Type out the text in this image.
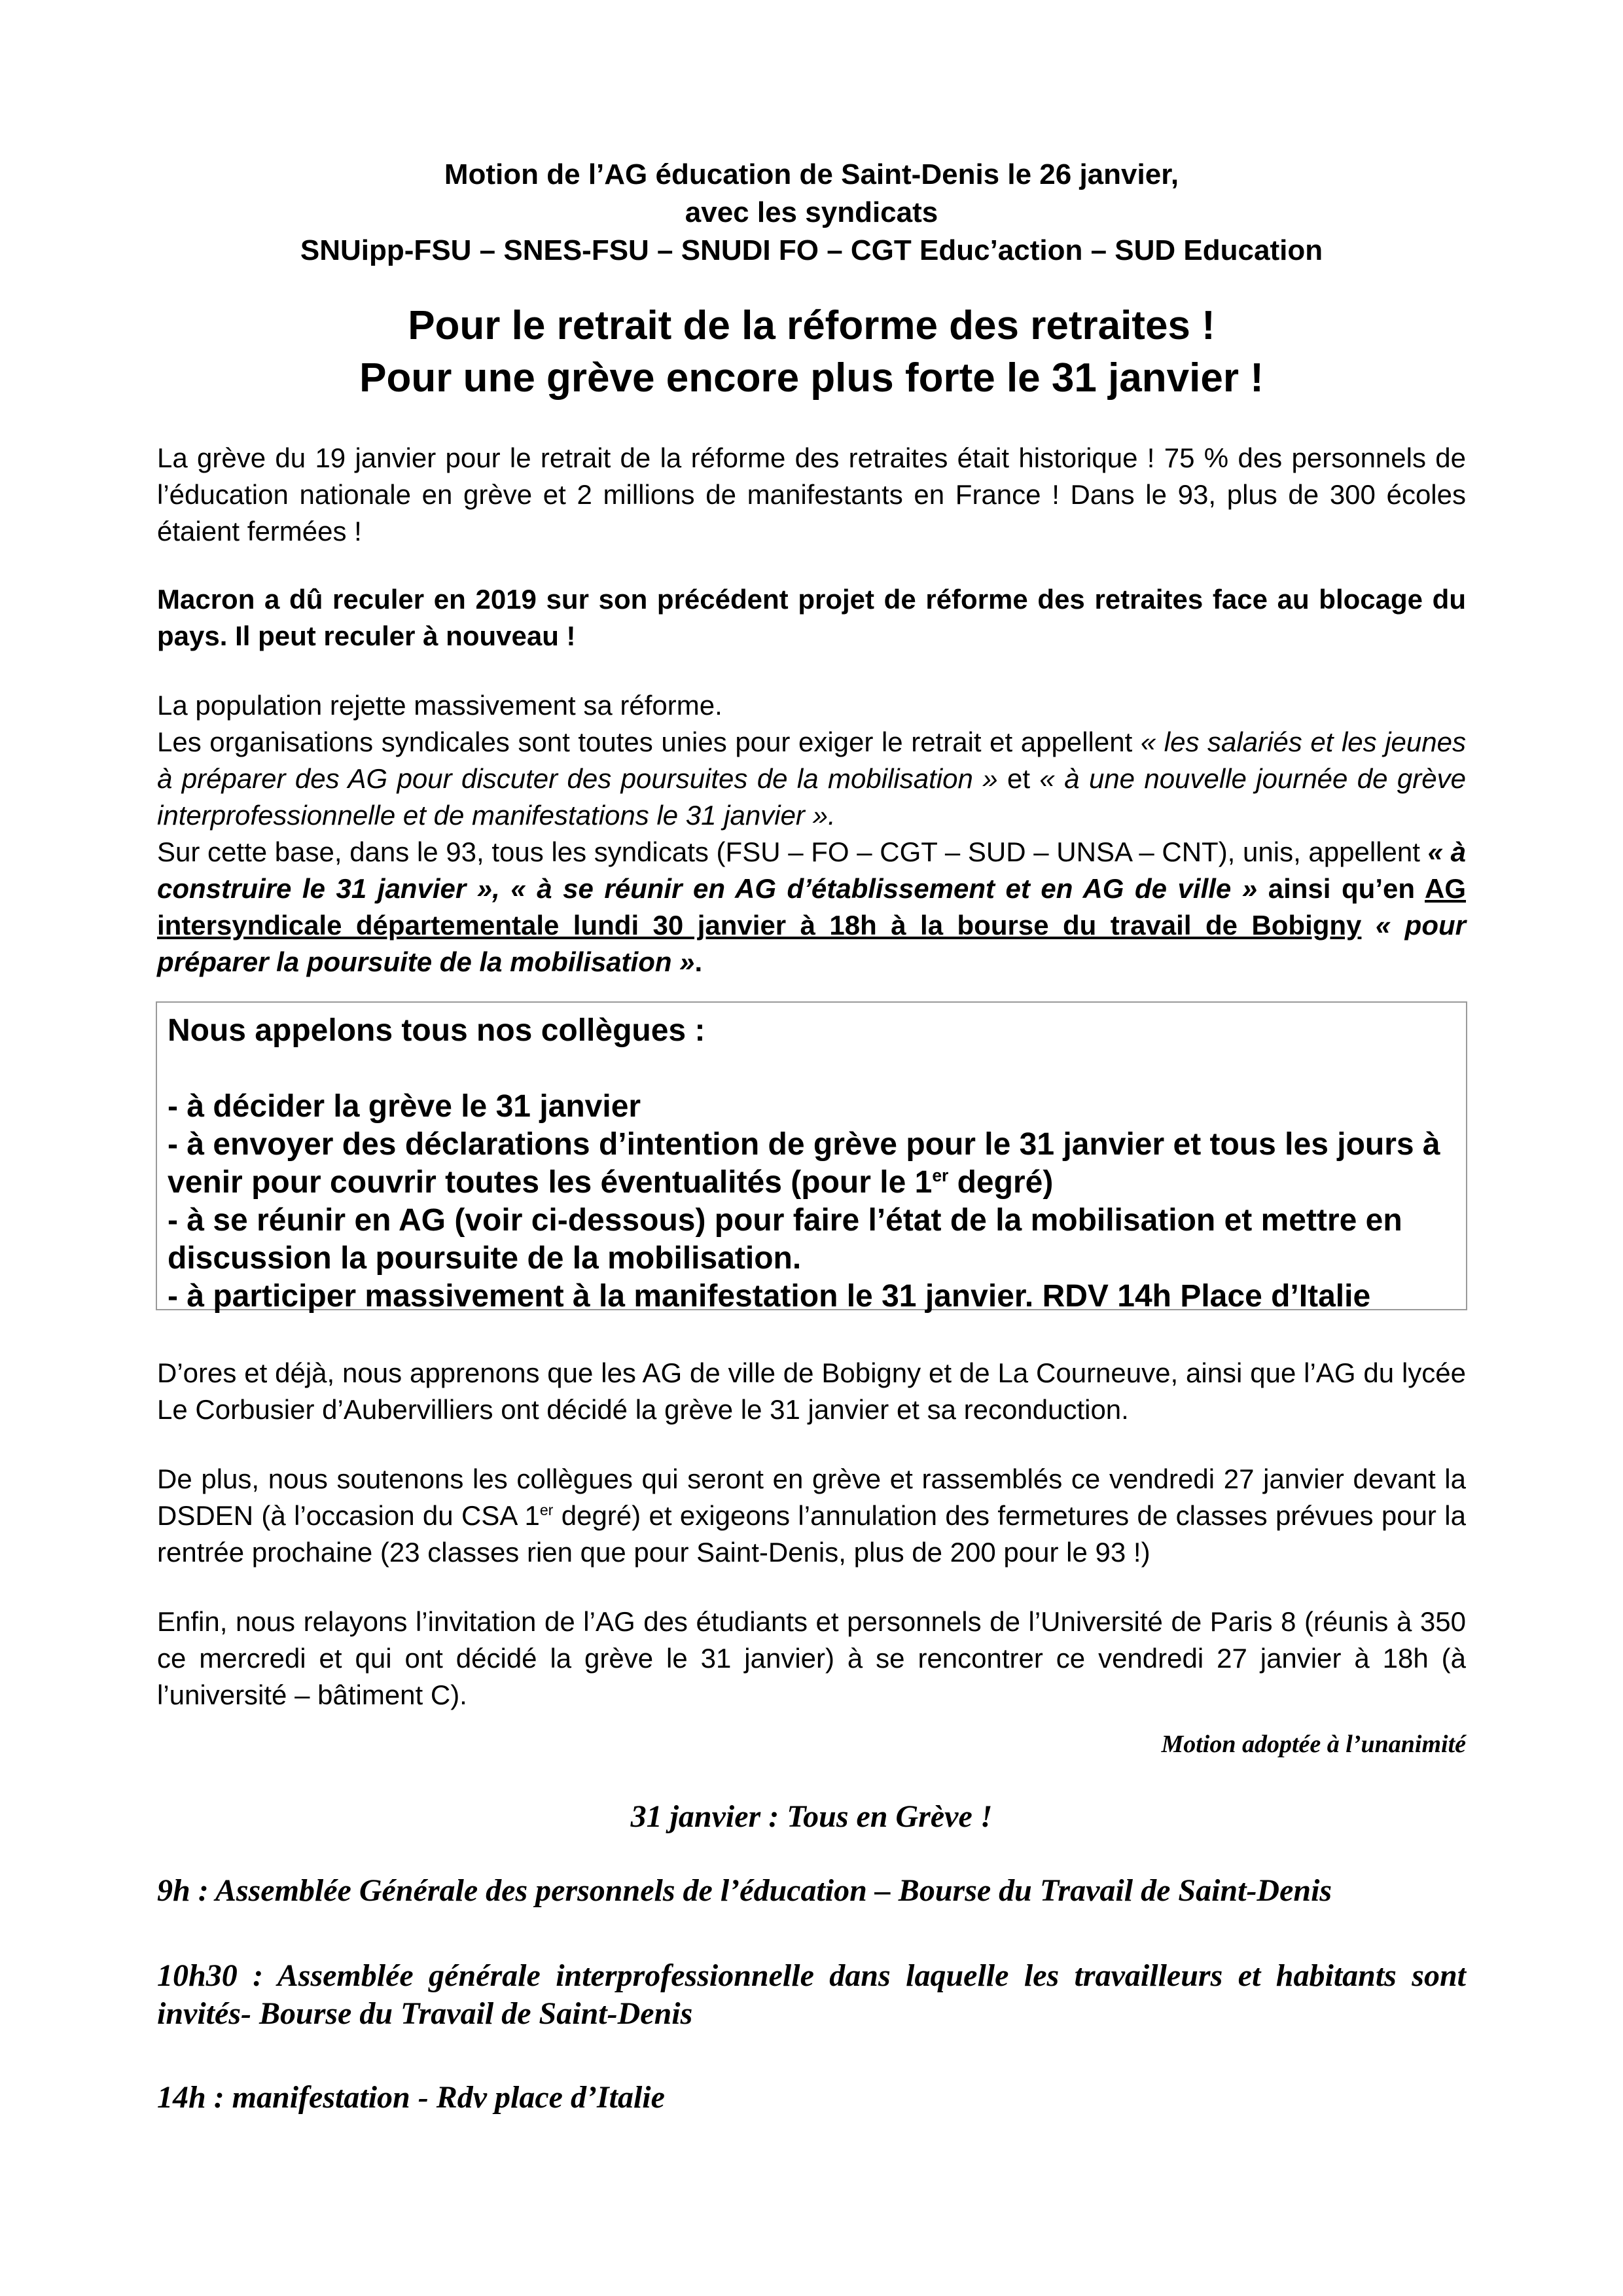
Motion de l’AG éducation de Saint-Denis le 26 janvier,

avec les syndicats

SNUipp-FSU – SNES-FSU – SNUDI FO – CGT Educ’action – SUD Education

Pour le retrait de la réforme des retraites !

Pour une grève encore plus forte le 31 janvier !

La grève du 19 janvier pour le retrait de la réforme des retraites était historique ! 75 % des personnels de l’éducation nationale en grève et 2 millions de manifestants en France ! Dans le 93, plus de 300 écoles étaient fermées !

Macron a dû reculer en 2019 sur son précédent projet de réforme des retraites face au blocage du pays. Il peut reculer à nouveau !

La population rejette massivement sa réforme.

Les organisations syndicales sont toutes unies pour exiger le retrait et appellent « les salariés et les jeunes à préparer des AG pour discuter des poursuites de la mobilisation » et « à une nouvelle journée de grève interprofessionnelle et de manifestations le 31 janvier ».

Sur cette base, dans le 93, tous les syndicats (FSU – FO – CGT – SUD – UNSA – CNT), unis, appellent « à construire le 31 janvier », « à se réunir en AG d’établissement et en AG de ville » ainsi qu’en AG intersyndicale départementale lundi 30 janvier à 18h à la bourse du travail de Bobigny « pour préparer la poursuite de la mobilisation ».

Nous appelons tous nos collègues :

- à décider la grève le 31 janvier

- à envoyer des déclarations d’intention de grève pour le 31 janvier et tous les jours à venir pour couvrir toutes les éventualités (pour le 1er degré)

- à se réunir en AG (voir ci-dessous) pour faire l’état de la mobilisation et mettre en discussion la poursuite de la mobilisation.

- à participer massivement à la manifestation le 31 janvier. RDV 14h Place d’Italie

D’ores et déjà, nous apprenons que les AG de ville de Bobigny et de La Courneuve, ainsi que l’AG du lycée Le Corbusier d’Aubervilliers ont décidé la grève le 31 janvier et sa reconduction.

De plus, nous soutenons les collègues qui seront en grève et rassemblés ce vendredi 27 janvier devant la DSDEN (à l’occasion du CSA 1er degré) et exigeons l’annulation des fermetures de classes prévues pour la rentrée prochaine (23 classes rien que pour Saint-Denis, plus de 200 pour le 93 !)

Enfin, nous relayons l’invitation de l’AG des étudiants et personnels de l’Université de Paris 8 (réunis à 350 ce mercredi et qui ont décidé la grève le 31 janvier) à se rencontrer ce vendredi 27 janvier à 18h (à l’université – bâtiment C).

Motion adoptée à l’unanimité

31 janvier : Tous en Grève !

9h : Assemblée Générale des personnels de l’éducation – Bourse du Travail de Saint-Denis

10h30 : Assemblée générale interprofessionnelle dans laquelle les travailleurs et habitants sont invités- Bourse du Travail de Saint-Denis

14h : manifestation - Rdv place d’Italie
